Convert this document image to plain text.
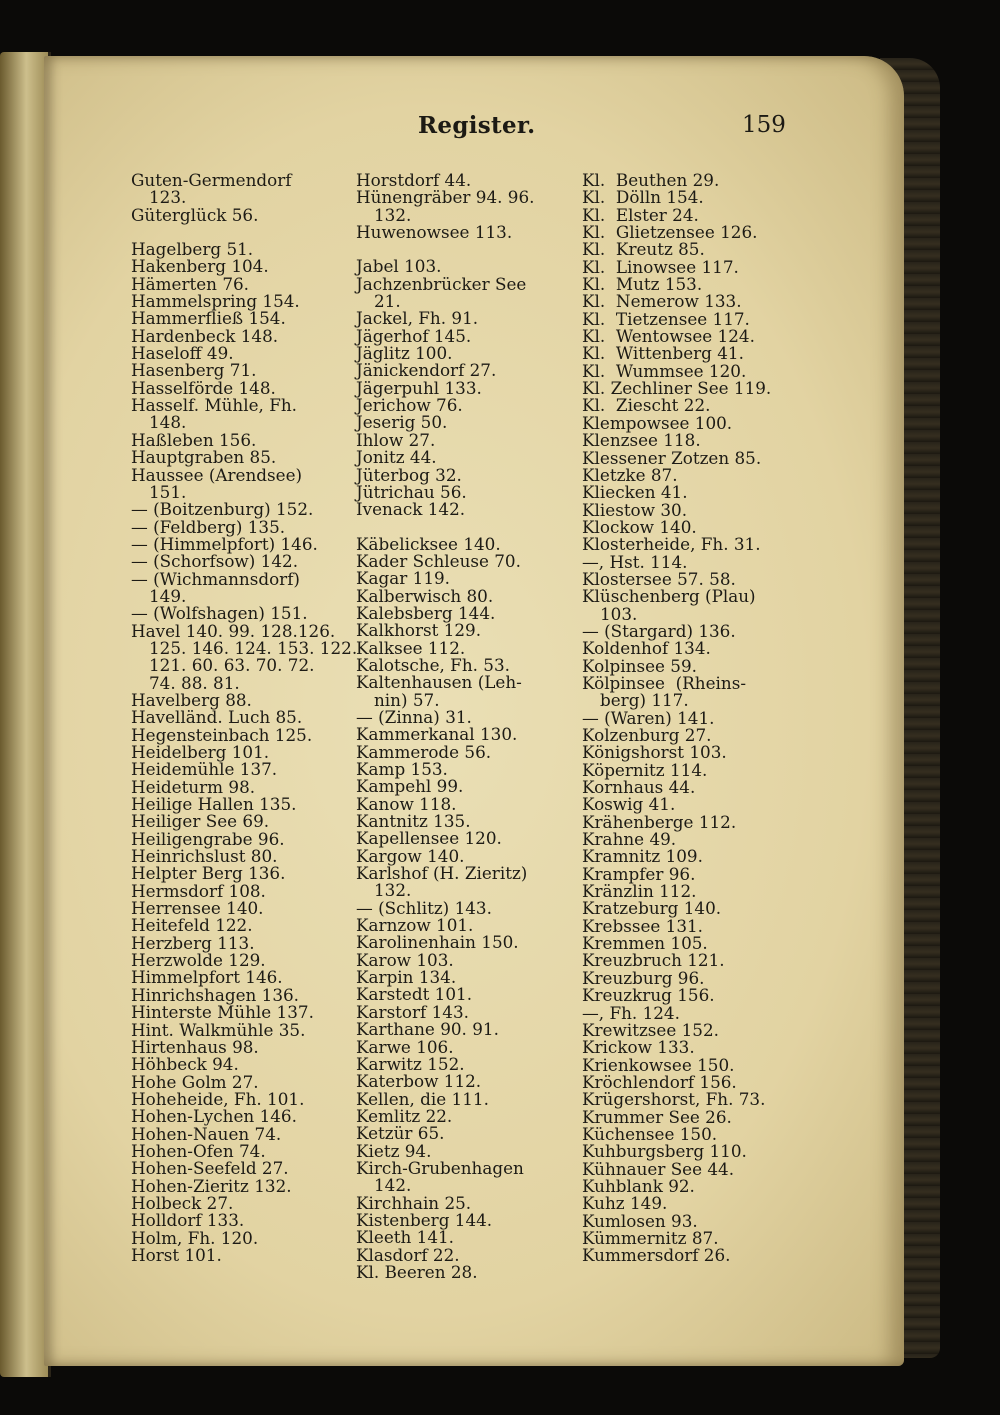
Register.	159
Guten-Germendorf
123.
Güterglück 56.
Hagelberg 51.
Hakenberg 104.
Hämerten 76.
Hammelspring 154.
Hammerfließ 154.
Hardenbeck 148.
Haseloff 49.
Hasenberg 71.
Hasselförde 148.
Hasself. Mühle, Fh.
148.
Haßleben 156.
Hauptgraben 85.
Haussee (Arendsee)
151.
— (Boitzenburg) 152.
— (Feldberg) 135.
— (Himmelpfort) 146.
— (Schorfsow) 142.
— (Wichmannsdorf)
149.
— (Wolfshagen) 151.
Havel 140. 99. 128.126.
125. 146. 124. 153. 122.
121. 60. 63. 70. 72.
74. 88. 81.
Havelberg 88.
Havelländ. Luch 85.
Hegensteinbach 125.
Heidelberg 101.
Heidemühle 137.
Heideturm 98.
Heilige Hallen 135.
Heiliger See 69.
Heiligengrabe 96.
Heinrichslust 80.
Helpter Berg 136.
Hermsdorf 108.
Herrensee 140.
Heitefeld 122.
Herzberg 113.
Herzwolde 129.
Himmelpfort 146.
Hinrichshagen 136.
Hinterste Mühle 137.
Hint. Walkmühle 35.
Hirtenhaus 98.
Höhbeck 94.
Hohe Golm 27.
Hoheheide, Fh. 101.
Hohen-Lychen 146.
Hohen-Nauen 74.
Hohen-Ofen 74.
Hohen-Seefeld 27.
Hohen-Zieritz 132.
Holbeck 27.
Holldorf 133.
Holm, Fh. 120.
Horst 101.
Horstdorf 44.
Hünengräber 94. 96.
132.
Huwenowsee 113.
Jabel 103.
Jachzenbrücker See
21.
Jackel, Fh. 91.
Jägerhof 145.
Jäglitz 100.
Jänickendorf 27.
Jägerpuhl 133.
Jerichow 76.
Jeserig 50.
Ihlow 27.
Jonitz 44.
Jüterbog 32.
Jütrichau 56.
Ivenack 142.
Käbelicksee 140.
Kader Schleuse 70.
Kagar 119.
Kalberwisch 80.
Kalebsberg 144.
Kalkhorst 129.
Kalksee 112.
Kalotsche, Fh. 53.
Kaltenhausen (Leh-
nin) 57.
— (Zinna) 31.
Kammerkanal 130.
Kammerode 56.
Kamp 153.
Kampehl 99.
Kanow 118.
Kantnitz 135.
Kapellensee 120.
Kargow 140.
Karlshof (H. Zieritz)
132.
— (Schlitz) 143.
Karnzow 101.
Karolinenhain 150.
Karow 103.
Karpin 134.
Karstedt 101.
Karstorf 143.
Karthane 90. 91.
Karwe 106.
Karwitz 152.
Katerbow 112.
Kellen, die 111.
Kemlitz 22.
Ketzür 65.
Kietz 94.
Kirch-Grubenhagen
142.
Kirchhain 25.
Kistenberg 144.
Kleeth 141.
Klasdorf 22.
Kl. Beeren 28.
Kl.  Beuthen 29.
Kl.  Dölln 154.
Kl.  Elster 24.
Kl.  Glietzensee 126.
Kl.  Kreutz 85.
Kl.  Linowsee 117.
Kl.  Mutz 153.
Kl.  Nemerow 133.
Kl.  Tietzensee 117.
Kl.  Wentowsee 124.
Kl.  Wittenberg 41.
Kl.  Wummsee 120.
Kl. Zechliner See 119.
Kl.  Ziescht 22.
Klempowsee 100.
Klenzsee 118.
Klessener Zotzen 85.
Kletzke 87.
Kliecken 41.
Kliestow 30.
Klockow 140.
Klosterheide, Fh. 31.
—, Hst. 114.
Klostersee 57. 58.
Klüschenberg (Plau)
103.
— (Stargard) 136.
Koldenhof 134.
Kolpinsee 59.
Kölpinsee  (Rheins-
berg) 117.
— (Waren) 141.
Kolzenburg 27.
Königshorst 103.
Köpernitz 114.
Kornhaus 44.
Koswig 41.
Krähenberge 112.
Krahne 49.
Kramnitz 109.
Krampfer 96.
Kränzlin 112.
Kratzeburg 140.
Krebssee 131.
Kremmen 105.
Kreuzbruch 121.
Kreuzburg 96.
Kreuzkrug 156.
—, Fh. 124.
Krewitzsee 152.
Krickow 133.
Krienkowsee 150.
Kröchlendorf 156.
Krügershorst, Fh. 73.
Krummer See 26.
Küchensee 150.
Kuhburgsberg 110.
Kühnauer See 44.
Kuhblank 92.
Kuhz 149.
Kumlosen 93.
Kümmernitz 87.
Kummersdorf 26.
